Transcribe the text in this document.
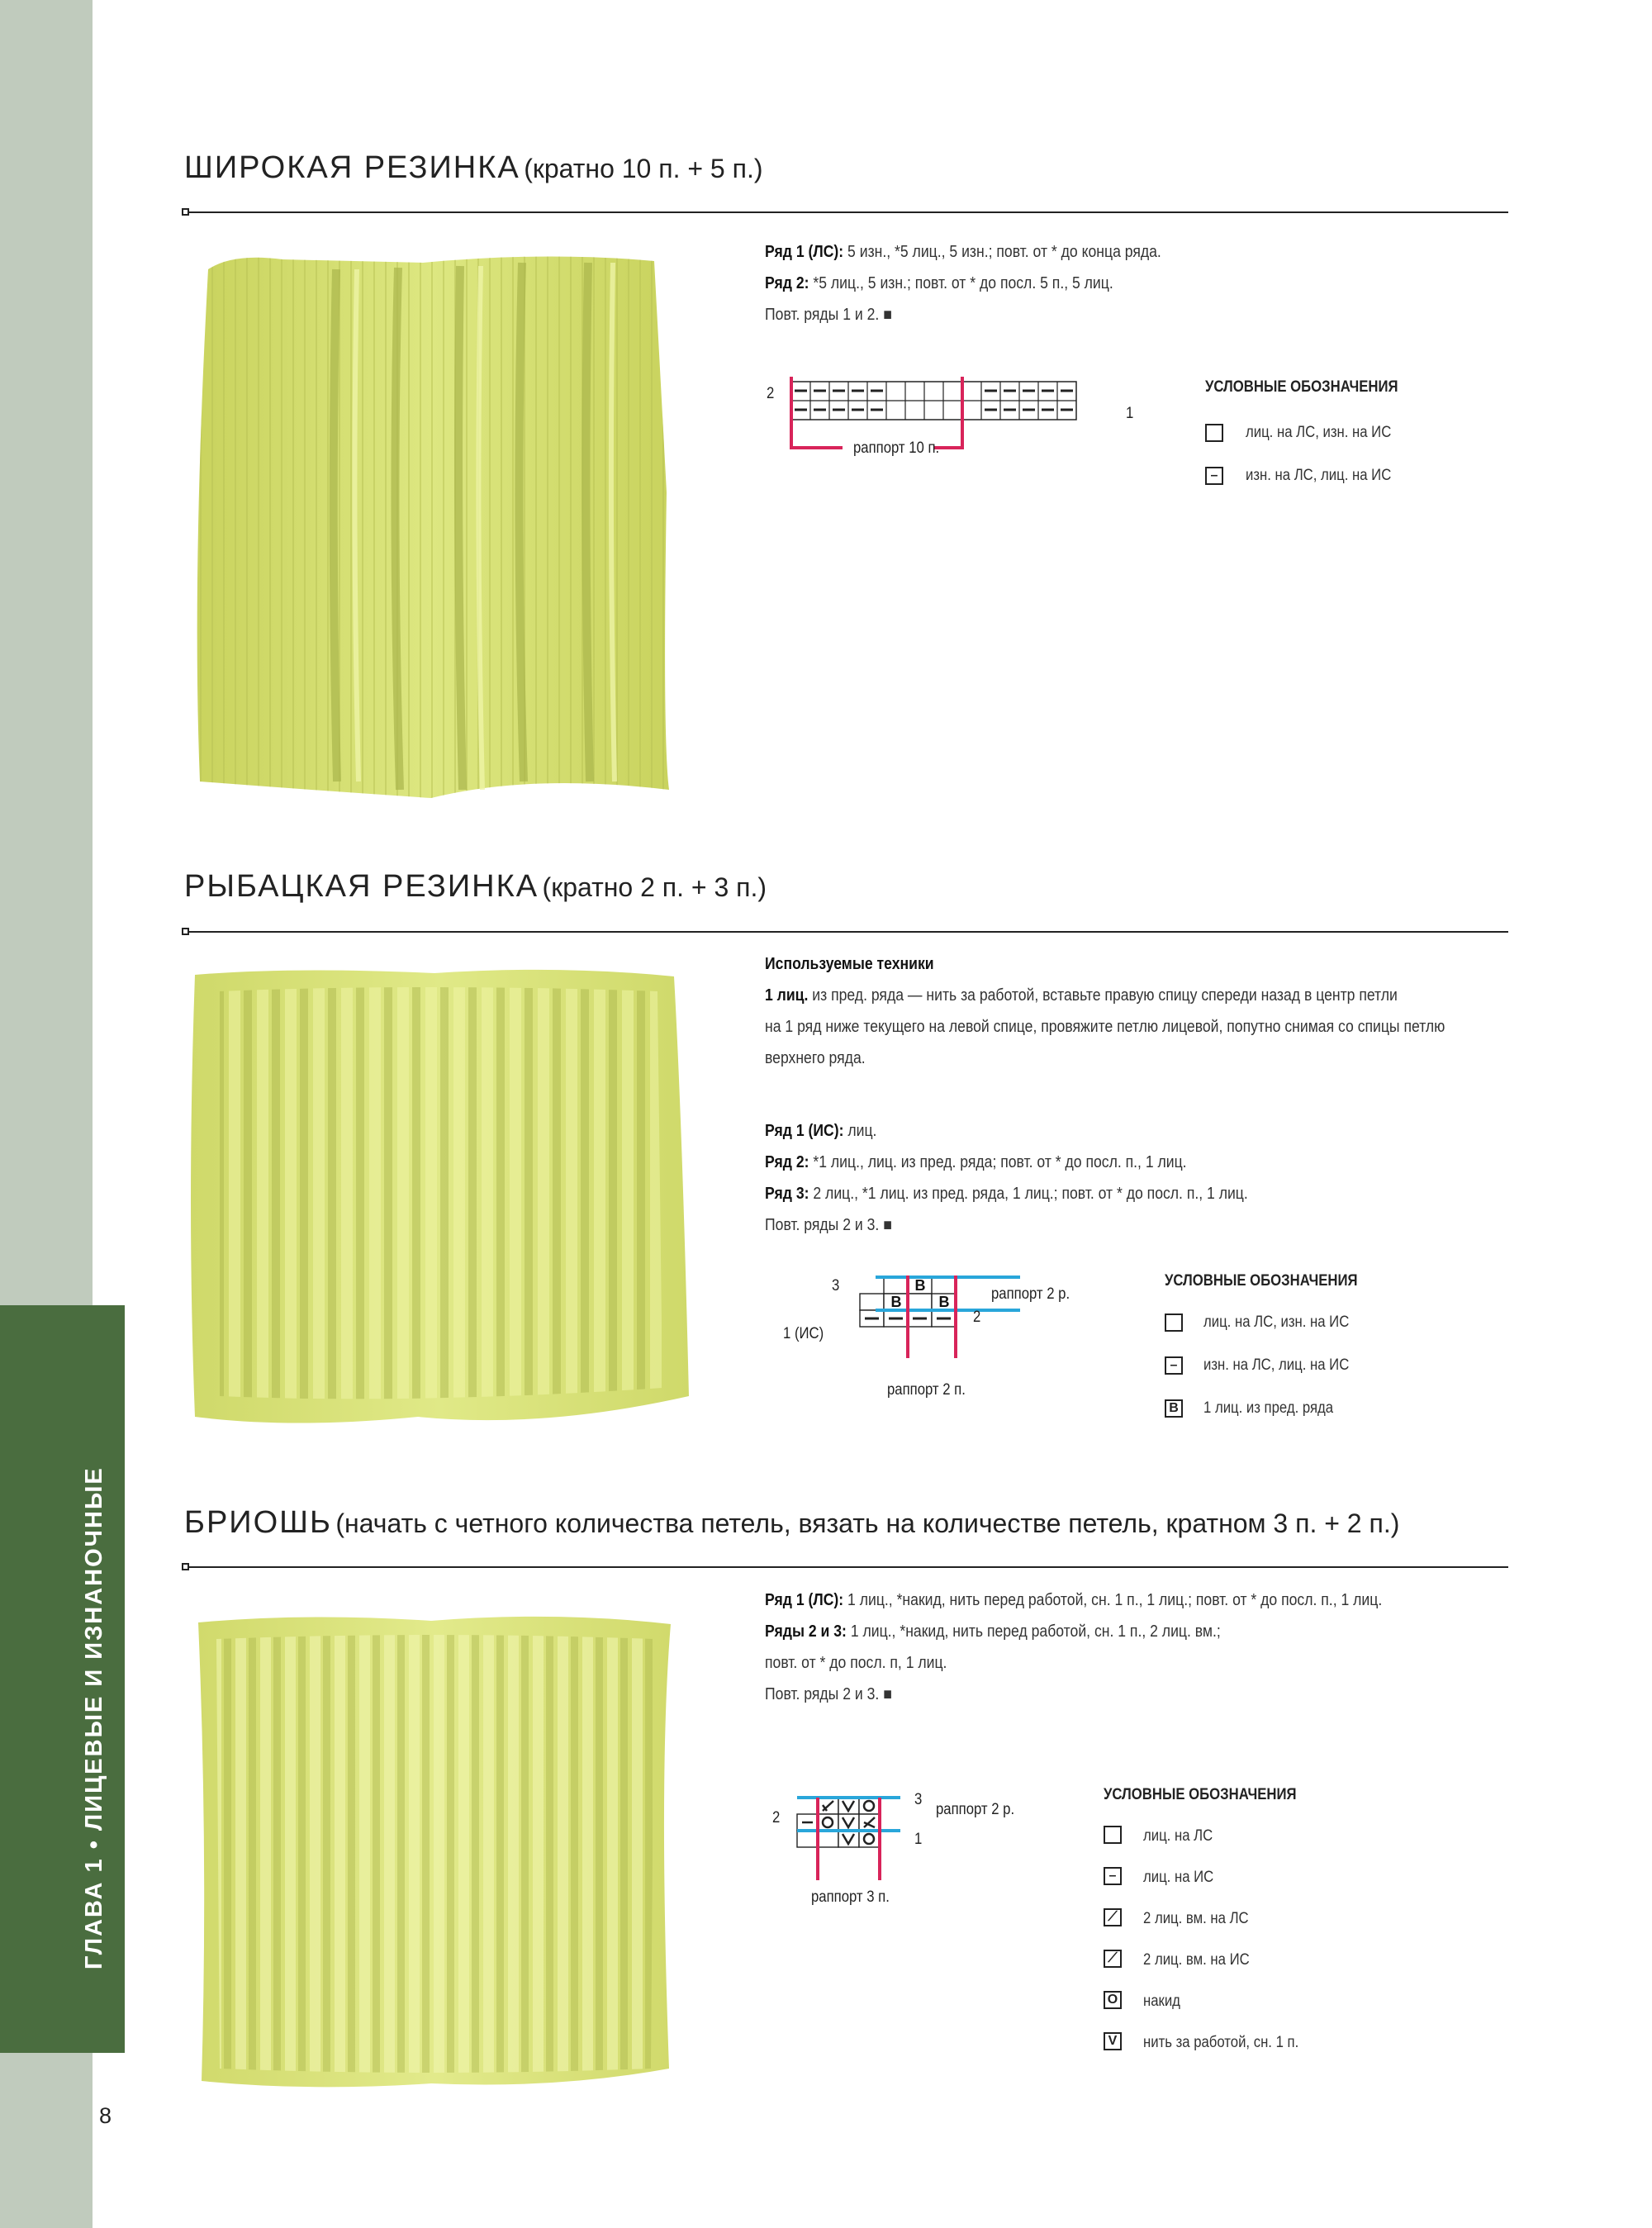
ГЛАВА 1 • ЛИЦЕВЫЕ И ИЗНАНОЧНЫЕ
8
ШИРОКАЯ РЕЗИНКА (кратно 10 п. + 5 п.)
Ряд 1 (ЛС): 5 изн., *5 лиц., 5 изн.; повт. от * до конца ряда.
Ряд 2: *5 лиц., 5 изн.; повт. от * до посл. 5 п., 5 лиц.
Повт. ряды 1 и 2. ■
2
1
раппорт 10 п.
УСЛОВНЫЕ ОБОЗНАЧЕНИЯ
лиц. на ЛС, изн. на ИС
–	изн. на ЛС, лиц. на ИС
РЫБАЦКАЯ РЕЗИНКА (кратно 2 п. + 3 п.)
Используемые техники
1 лиц. из пред. ряда — нить за работой, вставьте правую спицу спереди назад в центр петли
на 1 ряд ниже текущего на левой спице, провяжите петлю лицевой, попутно снимая со спицы петлю
верхнего ряда.
Ряд 1 (ИС): лиц.
Ряд 2: *1 лиц., лиц. из пред. ряда; повт. от * до посл. п., 1 лиц.
Ряд 3: 2 лиц., *1 лиц. из пред. ряда, 1 лиц.; повт. от * до посл. п., 1 лиц.
Повт. ряды 2 и 3. ■
B
B	B
3
2
1 (ИС)
раппорт 2 р.
раппорт 2 п.
УСЛОВНЫЕ ОБОЗНАЧЕНИЯ
лиц. на ЛС, изн. на ИС
–	изн. на ЛС, лиц. на ИС
B 1 лиц. из пред. ряда
БРИОШЬ (начать с четного количества петель, вязать на количестве петель, кратном 3 п. + 2 п.)
Ряд 1 (ЛС): 1 лиц., *накид, нить перед работой, сн. 1 п., 1 лиц.; повт. от * до посл. п., 1 лиц.
Ряды 2 и 3: 1 лиц., *накид, нить перед работой, сн. 1 п., 2 лиц. вм.;
повт. от * до посл. п, 1 лиц.
Повт. ряды 2 и 3. ■
3
2
1
раппорт 2 р.
раппорт 3 п.
УСЛОВНЫЕ ОБОЗНАЧЕНИЯ
лиц. на ЛС
–	лиц. на ИС
⟋ 2 лиц. вм. на ЛС
⟋ 2 лиц. вм. на ИС
O накид
V нить за работой, сн. 1 п.
